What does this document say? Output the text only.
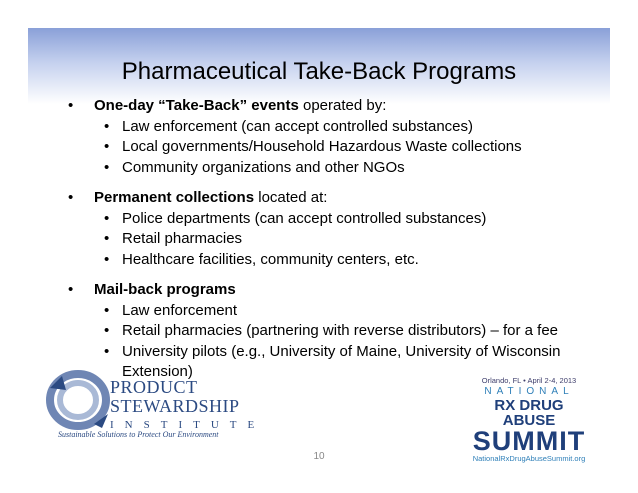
Pharmaceutical Take-Back Programs
• One-day “Take-Back” events operated by:
• Law enforcement (can accept controlled substances)
• Local governments/Household Hazardous Waste collections
• Community organizations and other NGOs
• Permanent collections located at:
• Police departments (can accept controlled substances)
• Retail pharmacies
• Healthcare facilities, community centers, etc.
• Mail-back programs
• Law enforcement
• Retail pharmacies (partnering with reverse distributors) – for a fee
• University pilots (e.g., University of Maine, University of Wisconsin Extension)
PRODUCT
STEWARDSHIP
INSTITUTE
Sustainable Solutions to Protect Our Environment
Orlando, FL • April 2-4, 2013
NATIONAL
RX DRUG ABUSE
SUMMIT
NationalRxDrugAbuseSummit.org
10
